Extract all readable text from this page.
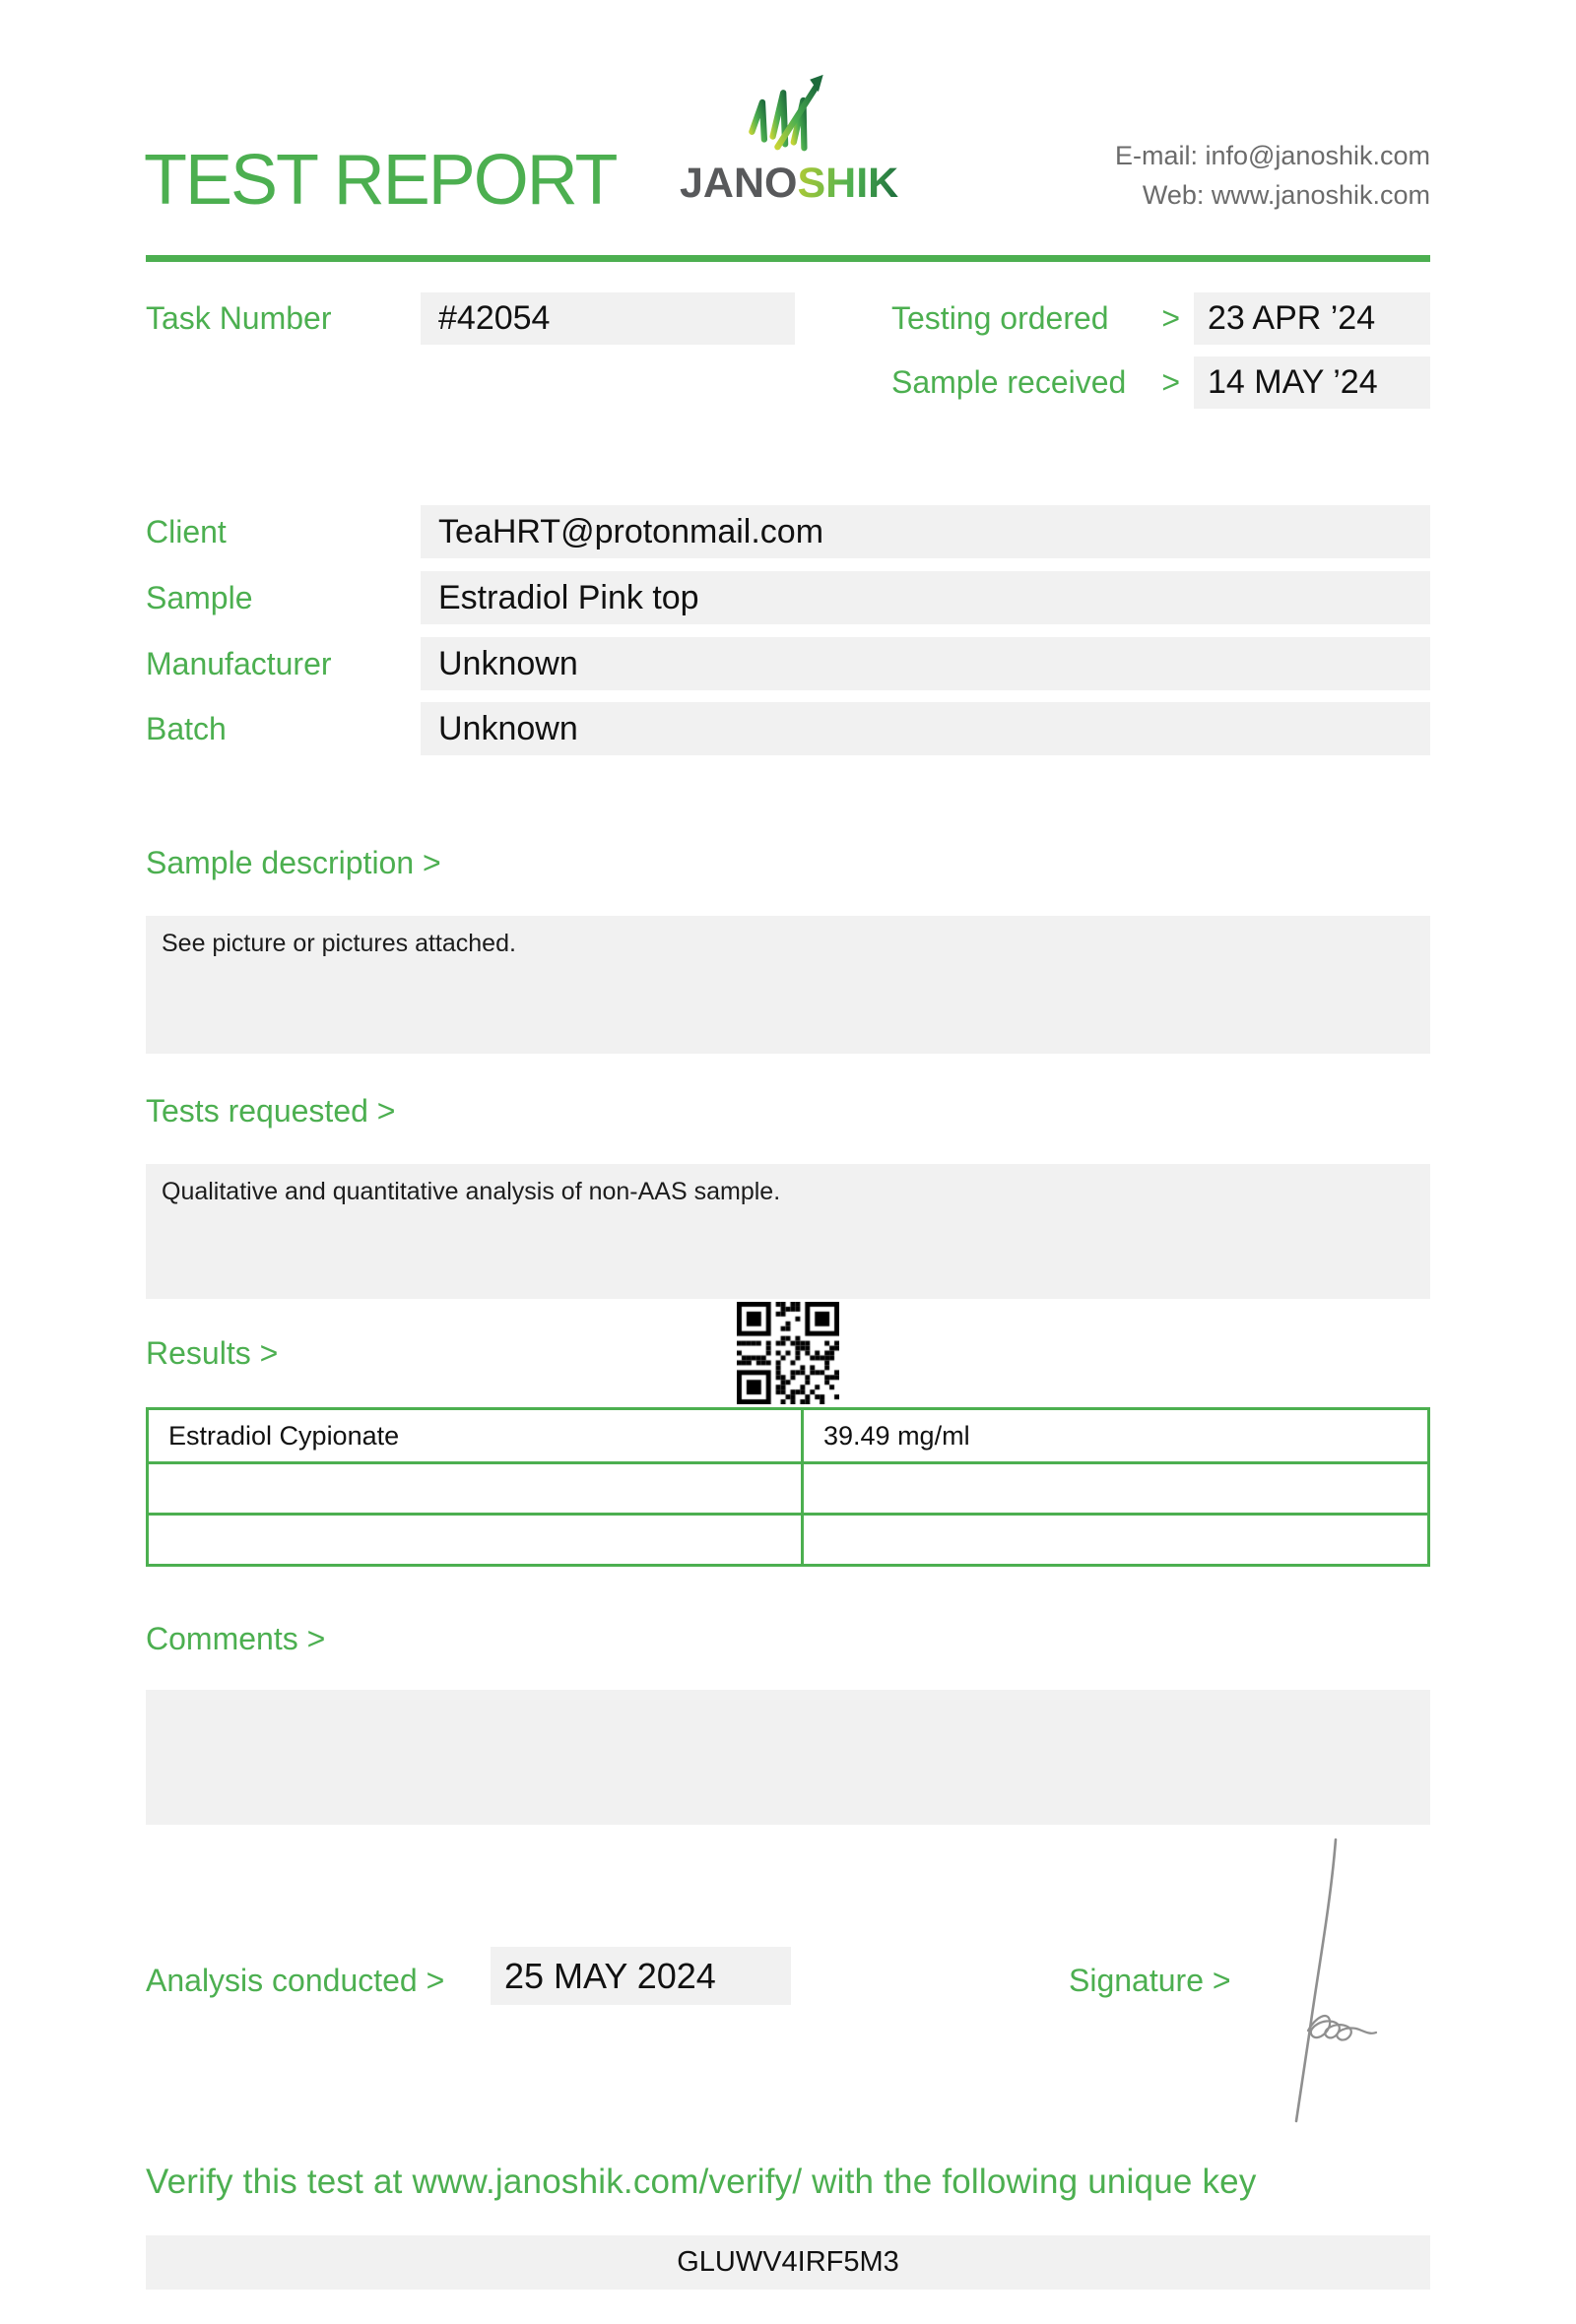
TEST REPORT JANOSHIK
E-mail: info@janoshik.com
Web: www.janoshik.com
Task Number	#42054	Testing ordered > 23 APR ’24
Sample received > 14 MAY ’24
Client	TeaHRT@protonmail.com
Sample	Estradiol Pink top
Manufacturer	Unknown
Batch	Unknown
Sample description >
See picture or pictures attached.
Tests requested >
Qualitative and quantitative analysis of non-AAS sample.
Results >
Estradiol Cypionate	39.49 mg/ml
Comments >
Analysis conducted >	25 MAY 2024	Signature >
Verify this test at www.janoshik.com/verify/ with the following unique key
GLUWV4IRF5M3
